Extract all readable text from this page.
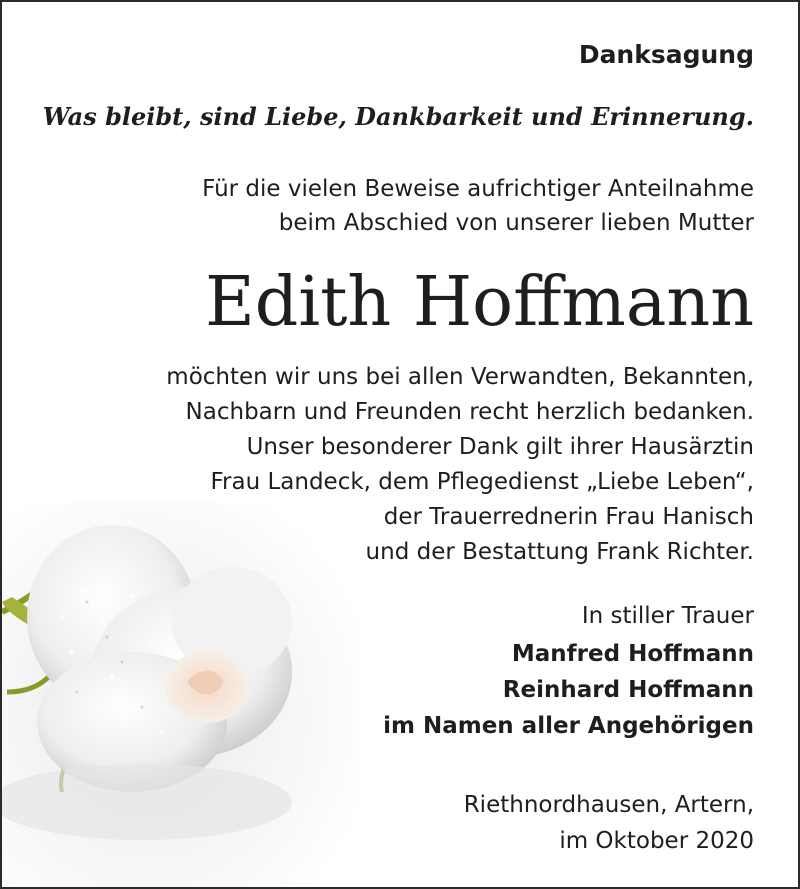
Danksagung
Was bleibt, sind Liebe, Dankbarkeit und Erinnerung.
Für die vielen Beweise aufrichtiger Anteilnahme
beim Abschied von unserer lieben Mutter
Edith Hoffmann
möchten wir uns bei allen Verwandten, Bekannten,
Nachbarn und Freunden recht herzlich bedanken.
Unser besonderer Dank gilt ihrer Hausärztin
Frau Landeck, dem Pflegedienst „Liebe Leben“,
der Trauerrednerin Frau Hanisch
und der Bestattung Frank Richter.
In stiller Trauer
Manfred Hoffmann
Reinhard Hoffmann
im Namen aller Angehörigen
Riethnordhausen, Artern,
im Oktober 2020
